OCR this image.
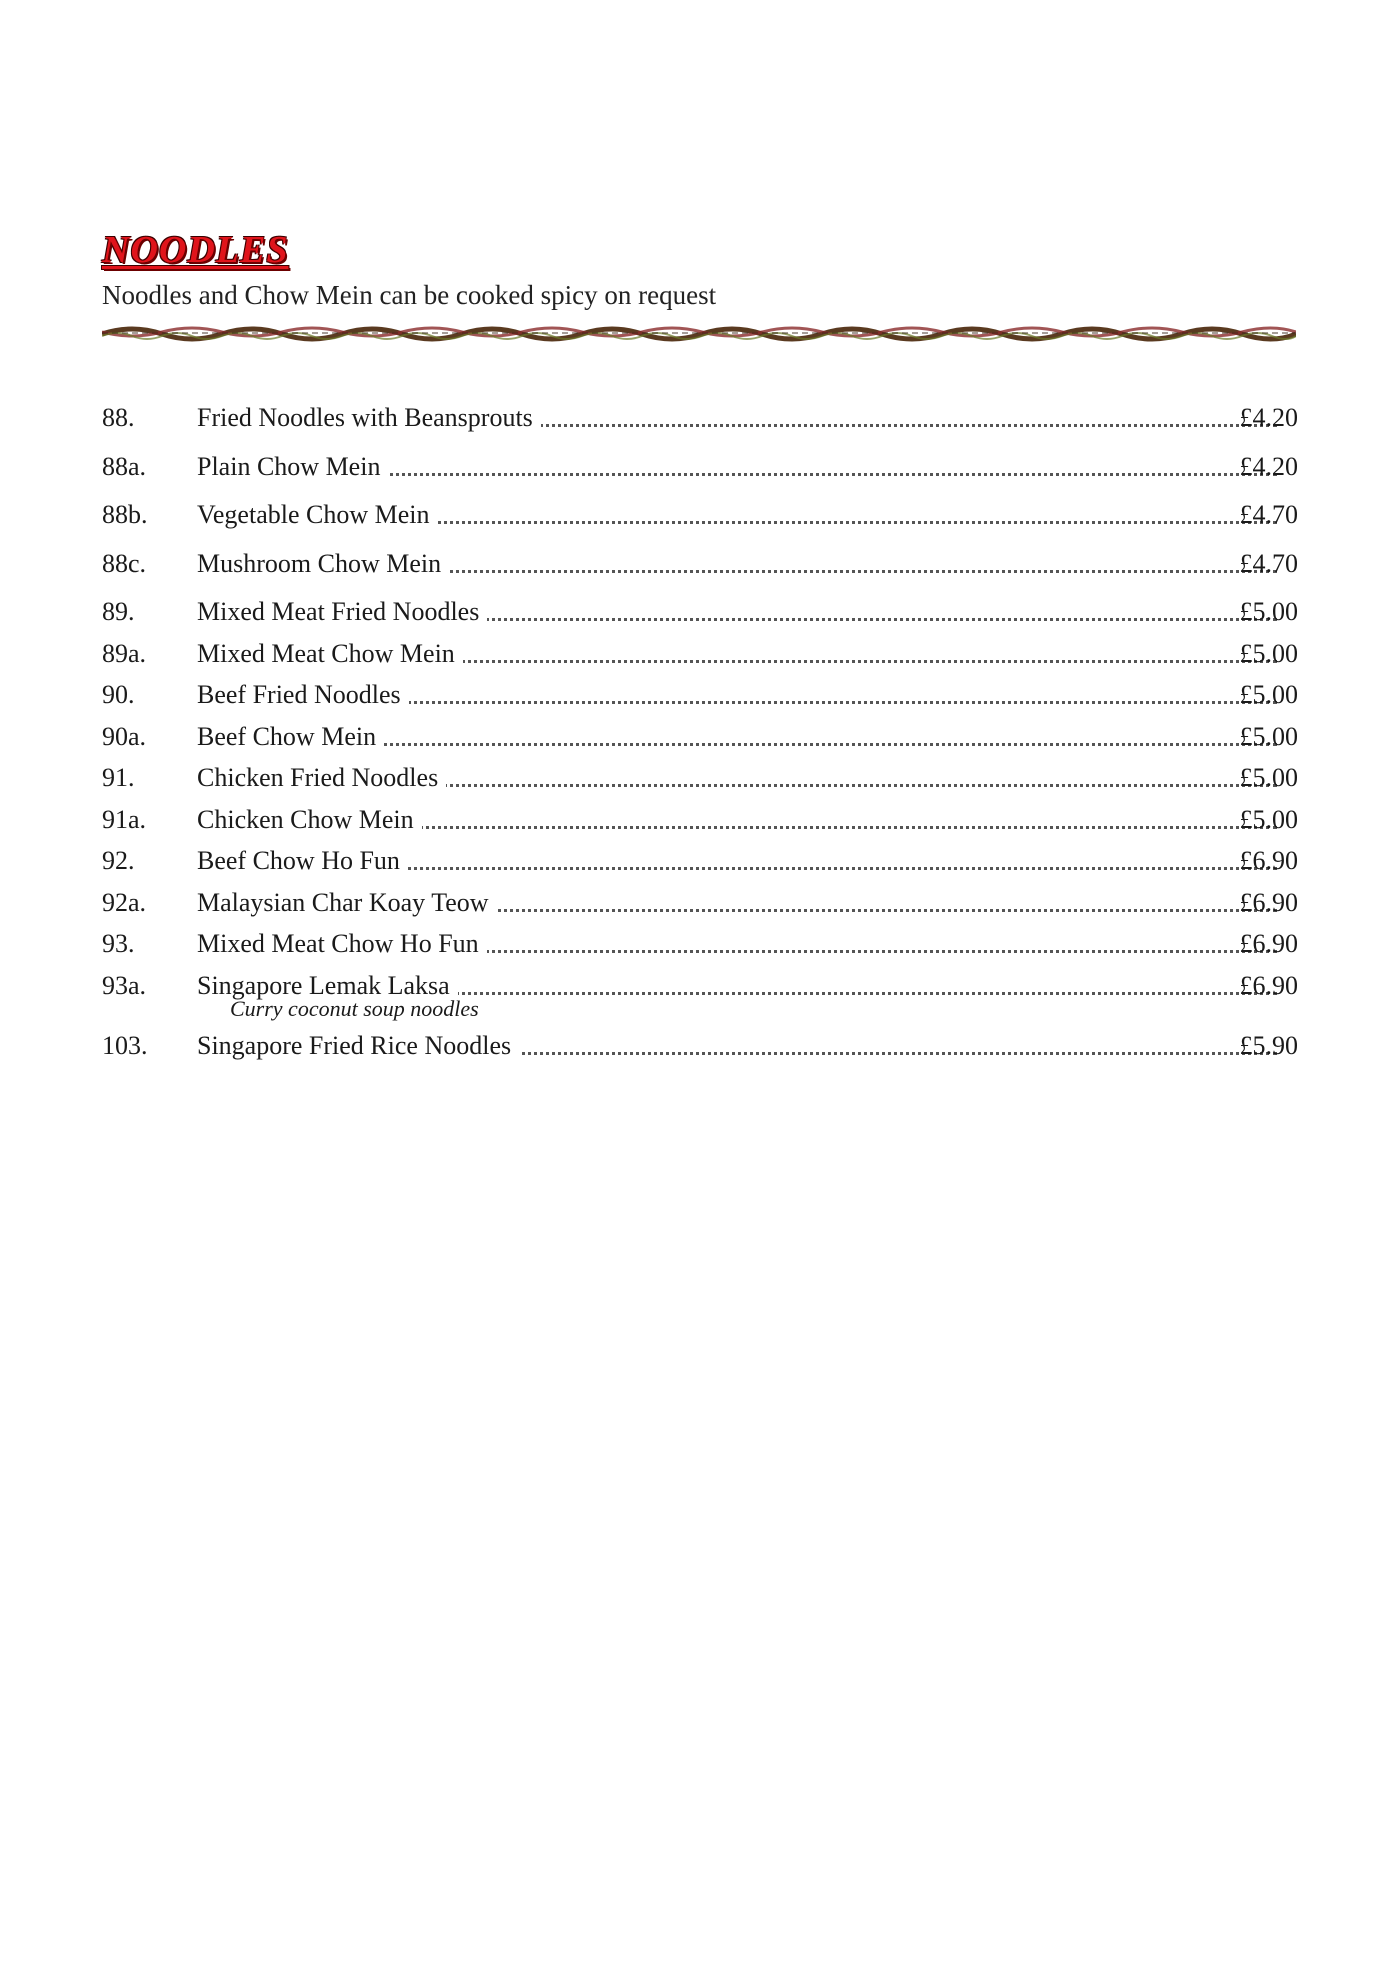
NOODLES
Noodles and Chow Mein can be cooked spicy on request
88. Fried Noodles with Beansprouts	£4.20
88a. Plain Chow Mein	£4.20
88b. Vegetable Chow Mein	£4.70
88c. Mushroom Chow Mein	£4.70
89. Mixed Meat Fried Noodles	£5.00
89a. Mixed Meat Chow Mein	£5.00
90. Beef Fried Noodles	£5.00
90a. Beef Chow Mein	£5.00
91. Chicken Fried Noodles	£5.00
91a. Chicken Chow Mein	£5.00
92. Beef Chow Ho Fun	£6.90
92a. Malaysian Char Koay Teow	£6.90
93. Mixed Meat Chow Ho Fun	£6.90
93a. Singapore Lemak Laksa	£6.90
Curry coconut soup noodles
103. Singapore Fried Rice Noodles	£5.90
